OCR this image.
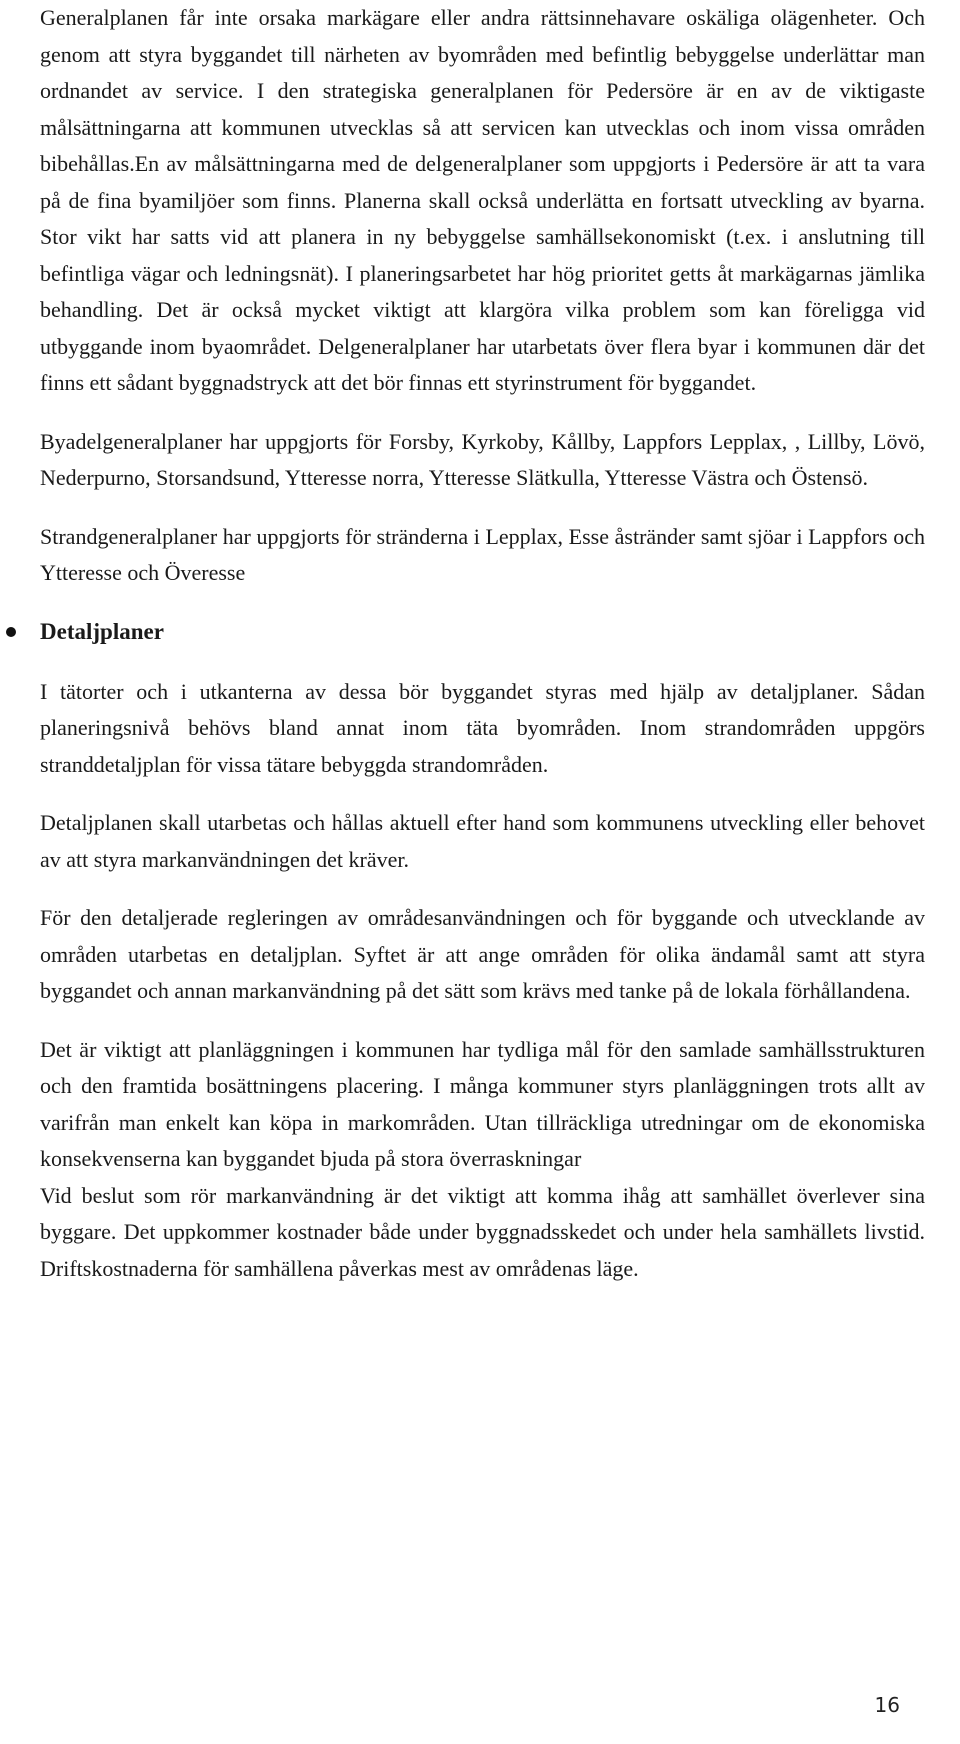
Generalplanen får inte orsaka markägare eller andra rättsinnehavare oskäliga olägenheter. Och genom att styra byggandet till närheten av byområden med befintlig bebyggelse underlättar man ordnandet av service. I den strategiska generalplanen för Pedersöre är en av de viktigaste målsättningarna att kommunen utvecklas så att servicen kan utvecklas och inom vissa områden bibehållas.En av målsättningarna med de delgeneralplaner som uppgjorts i Pedersöre är att ta vara på de fina byamiljöer som finns. Planerna skall också underlätta en fortsatt utveckling av byarna. Stor vikt har satts vid att planera in ny bebyggelse samhällsekonomiskt (t.ex. i anslutning till befintliga vägar och ledningsnät). I planeringsarbetet har hög prioritet getts åt markägarnas jämlika behandling. Det är också mycket viktigt att klargöra vilka problem som kan föreligga vid utbyggande inom byaområdet. Delgeneralplaner har utarbetats över flera byar i kommunen där det finns ett sådant byggnadstryck att det bör finnas ett styrinstrument för byggandet.

Byadelgeneralplaner har uppgjorts för Forsby, Kyrkoby, Kållby, Lappfors Lepplax, , Lillby, Lövö, Nederpurno, Storsandsund, Ytteresse norra, Ytteresse Slätkulla, Ytteresse Västra och Östensö.

Strandgeneralplaner har uppgjorts för stränderna i Lepplax, Esse åstränder samt sjöar i Lappfors och Ytteresse och Överesse

Detaljplaner

I tätorter och i utkanterna av dessa bör byggandet styras med hjälp av detaljplaner. Sådan planeringsnivå behövs bland annat inom täta byområden. Inom strandområden uppgörs stranddetaljplan för vissa tätare bebyggda strandområden.

Detaljplanen skall utarbetas och hållas aktuell efter hand som kommunens utveckling eller behovet av att styra markanvändningen det kräver.

För den detaljerade regleringen av områdesanvändningen och för byggande och utvecklande av områden utarbetas en detaljplan. Syftet är att ange områden för olika ändamål samt att styra byggandet och annan markanvändning på det sätt som krävs med tanke på de lokala förhållandena.

Det är viktigt att planläggningen i kommunen har tydliga mål för den samlade samhällsstrukturen och den framtida bosättningens placering. I många kommuner styrs planläggningen trots allt av varifrån man enkelt kan köpa in markområden. Utan tillräckliga utredningar om de ekonomiska konsekvenserna kan byggandet bjuda på stora överraskningar

Vid beslut som rör markanvändning är det viktigt att komma ihåg att samhället överlever sina byggare. Det uppkommer kostnader både under byggnadsskedet och under hela samhällets livstid. Driftskostnaderna för samhällena påverkas mest av områdenas läge.

16
